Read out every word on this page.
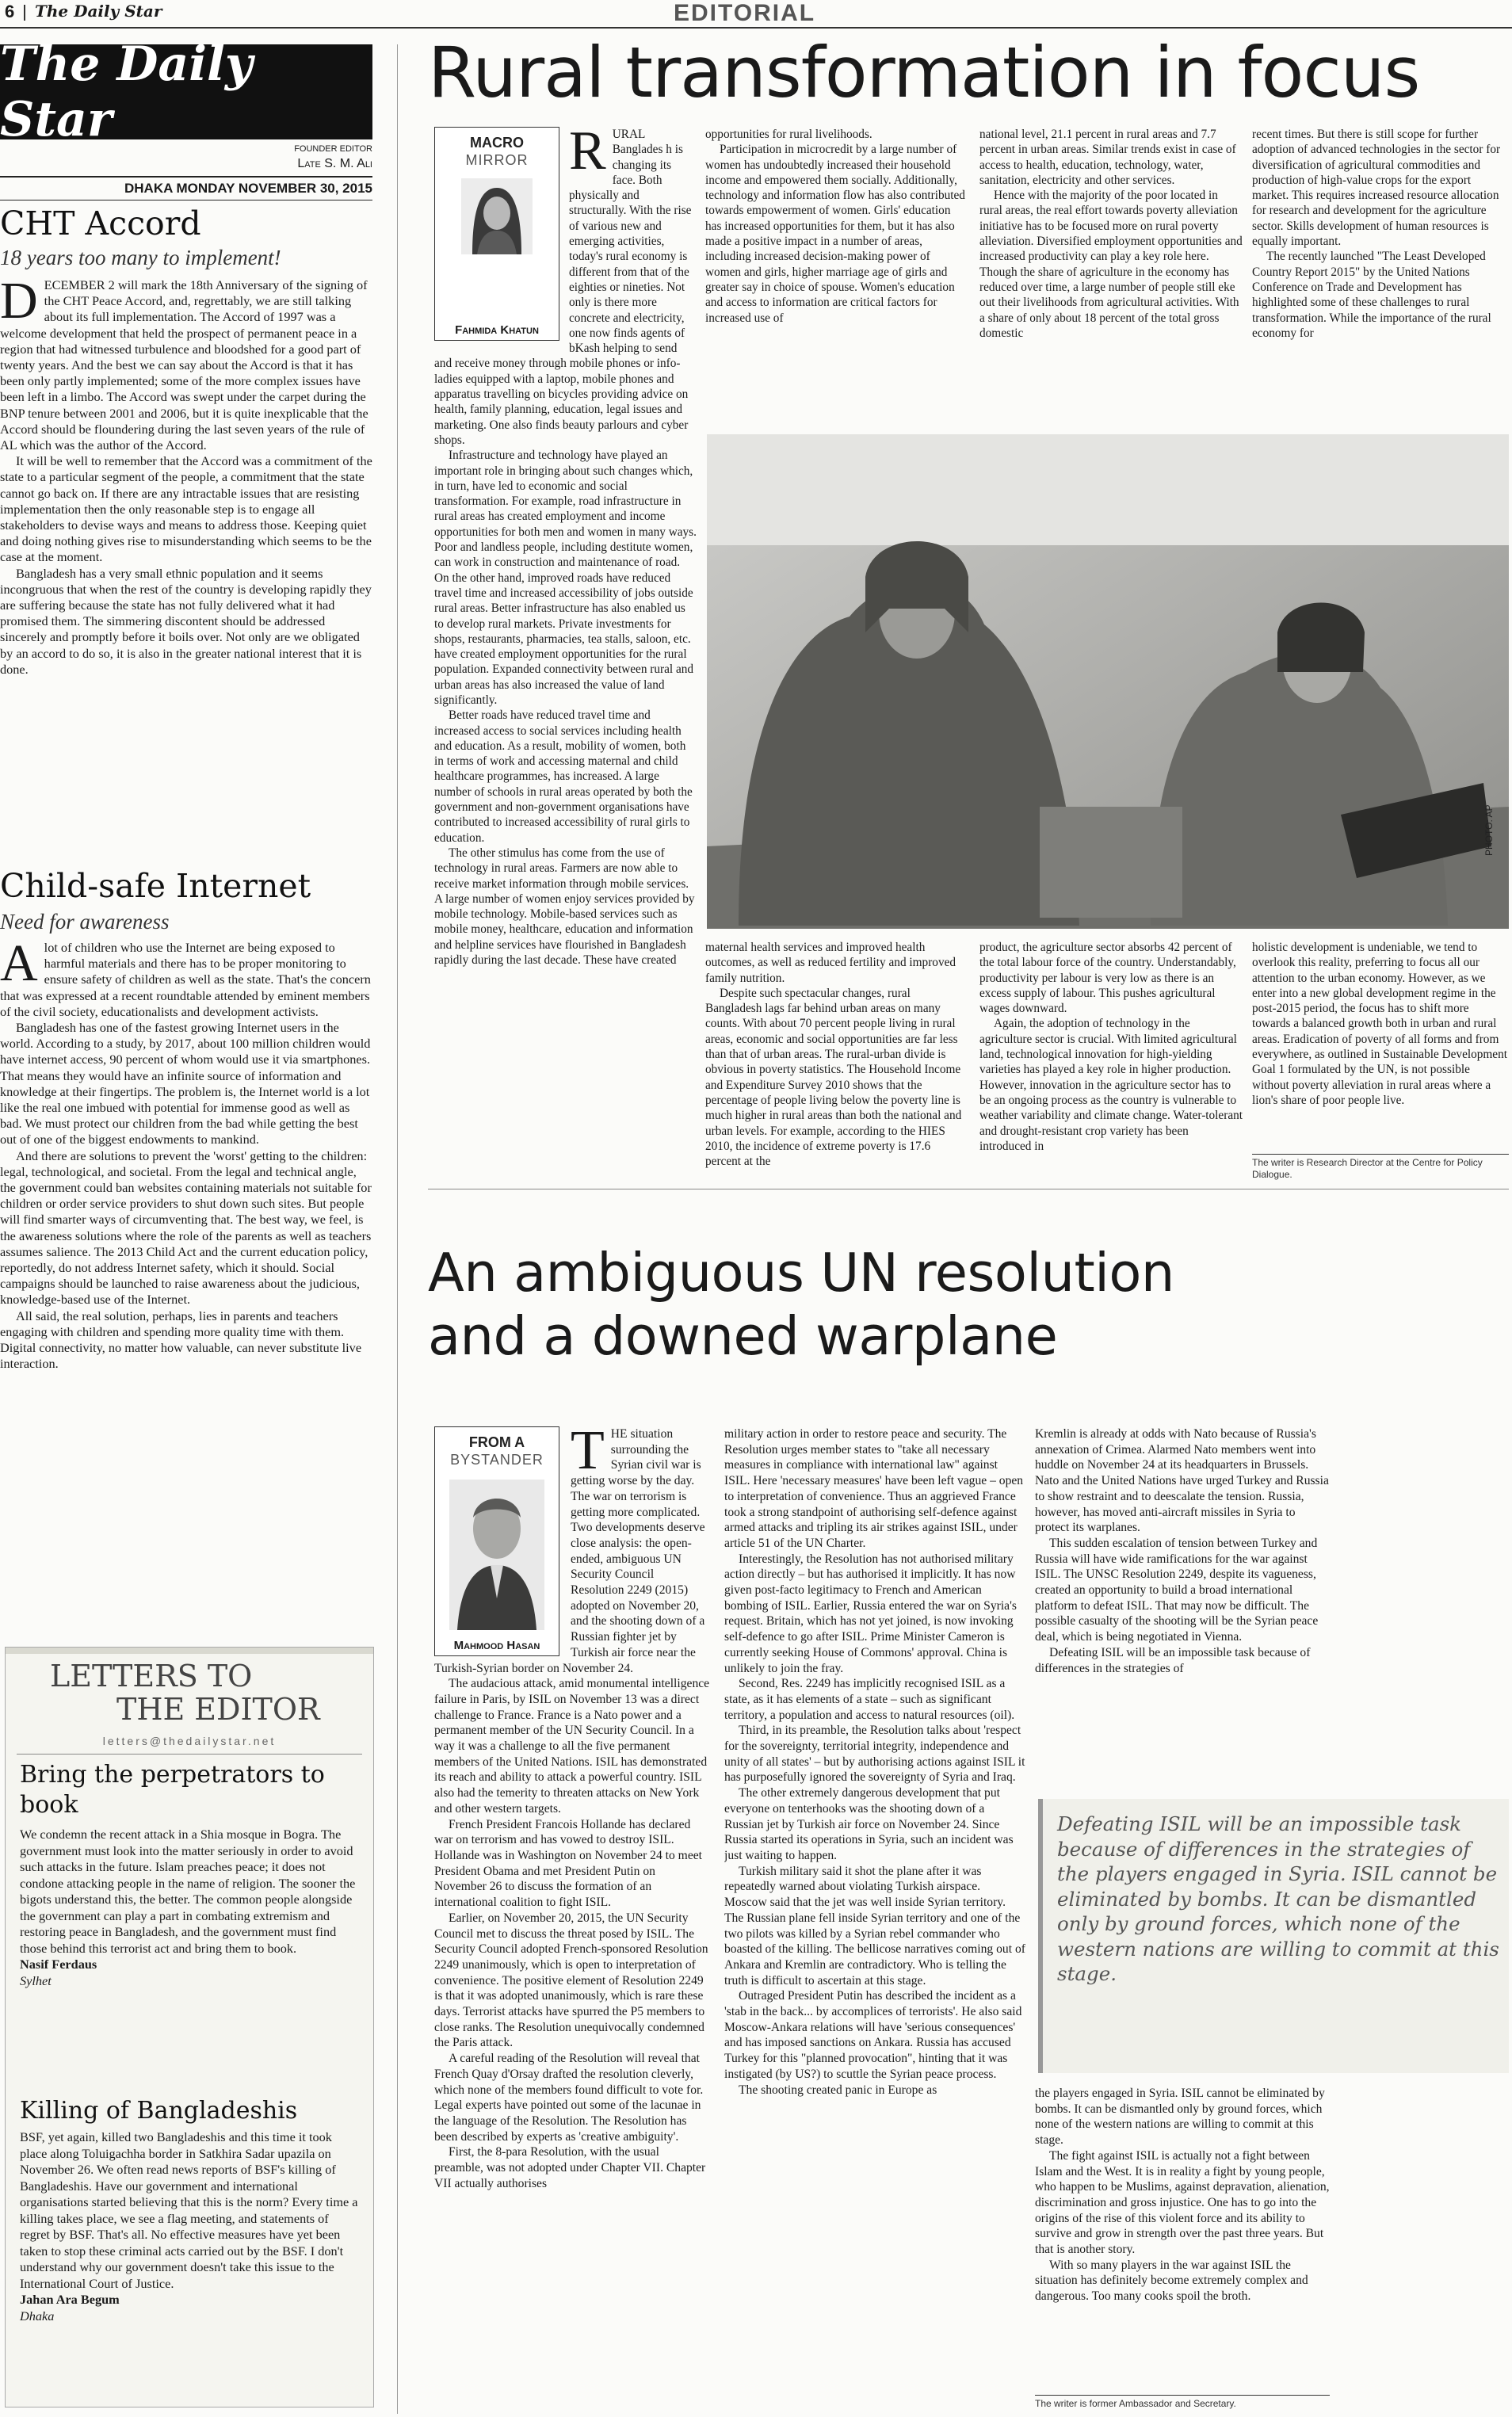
6 The Daily Star	EDITORIAL
The Daily Star
FOUNDER EDITOR
Late S. M. Ali
DHAKA MONDAY NOVEMBER 30, 2015
CHT Accord
18 years too many to implement!

DECEMBER 2 will mark the 18th Anniversary of the signing of the CHT Peace Accord, and, regrettably, we are still talking about its full implementation. The Accord of 1997 was a welcome development that held the prospect of permanent peace in a region that had witnessed turbulence and bloodshed for a good part of twenty years. And the best we can say about the Accord is that it has been only partly implemented; some of the more complex issues have been left in a limbo. The Accord was swept under the carpet during the BNP tenure between 2001 and 2006, but it is quite inexplicable that the Accord should be floundering during the last seven years of the rule of AL which was the author of the Accord.

It will be well to remember that the Accord was a commitment of the state to a particular segment of the people, a commitment that the state cannot go back on. If there are any intractable issues that are resisting implementation then the only reasonable step is to engage all stakeholders to devise ways and means to address those. Keeping quiet and doing nothing gives rise to misunderstanding which seems to be the case at the moment.

Bangladesh has a very small ethnic population and it seems incongruous that when the rest of the country is developing rapidly they are suffering because the state has not fully delivered what it had promised them. The simmering discontent should be addressed sincerely and promptly before it boils over. Not only are we obligated by an accord to do so, it is also in the greater national interest that it is done.

Child-safe Internet
Need for awareness

Alot of children who use the Internet are being exposed to harmful materials and there has to be proper monitoring to ensure safety of children as well as the state. That's the concern that was expressed at a recent roundtable attended by eminent members of the civil society, educationalists and development activists.

Bangladesh has one of the fastest growing Internet users in the world. According to a study, by 2017, about 100 million children would have internet access, 90 percent of whom would use it via smartphones. That means they would have an infinite source of information and knowledge at their fingertips. The problem is, the Internet world is a lot like the real one imbued with potential for immense good as well as bad. We must protect our children from the bad while getting the best out of one of the biggest endowments to mankind.

And there are solutions to prevent the 'worst' getting to the children: legal, technological, and societal. From the legal and technical angle, the government could ban websites containing materials not suitable for children or order service providers to shut down such sites. But people will find smarter ways of circumventing that. The best way, we feel, is the awareness solutions where the role of the parents as well as teachers assumes salience. The 2013 Child Act and the current education policy, reportedly, do not address Internet safety, which it should. Social campaigns should be launched to raise awareness about the judicious, knowledge-based use of the Internet.

All said, the real solution, perhaps, lies in parents and teachers engaging with children and spending more quality time with them. Digital connectivity, no matter how valuable, can never substitute live interaction.

LETTERS TO
THE EDITOR
letters@thedailystar.net
Bring the perpetrators to book
We condemn the recent attack in a Shia mosque in Bogra. The government must look into the matter seriously in order to avoid such attacks in the future. Islam preaches peace; it does not condone attacking people in the name of religion. The sooner the bigots understand this, the better. The common people alongside the government can play a part in combating extremism and restoring peace in Bangladesh, and the government must find those behind this terrorist act and bring them to book.
Nasif Ferdaus
Sylhet
Killing of Bangladeshis
BSF, yet again, killed two Bangladeshis and this time it took place along Toluigachha border in Satkhira Sadar upazila on November 26. We often read news reports of BSF's killing of Bangladeshis. Have our government and international organisations started believing that this is the norm? Every time a killing takes place, we see a flag meeting, and statements of regret by BSF. That's all. No effective measures have yet been taken to stop these criminal acts carried out by the BSF. I don't understand why our government doesn't take this issue to the International Court of Justice.
Jahan Ara Begum
Dhaka
Rural transformation in focus
MACRO
MIRROR
Fahmida Khatun

RURAL Banglades h is changing its face. Both physically and structurally. With the rise of various new and emerging activities, today's rural economy is different from that of the eighties or nineties. Not only is there more concrete and electricity, one now finds agents of bKash helping to send and receive money through mobile phones or info-ladies equipped with a laptop, mobile phones and apparatus travelling on bicycles providing advice on health, family planning, education, legal issues and marketing. One also finds beauty parlours and cyber shops.

Infrastructure and technology have played an important role in bringing about such changes which, in turn, have led to economic and social transformation. For example, road infrastructure in rural areas has created employment and income opportunities for both men and women in many ways. Poor and landless people, including destitute women, can work in construction and maintenance of road. On the other hand, improved roads have reduced travel time and increased accessibility of jobs outside rural areas. Better infrastructure has also enabled us to develop rural markets. Private investments for shops, restaurants, pharmacies, tea stalls, saloon, etc. have created employment opportunities for the rural population. Expanded connectivity between rural and urban areas has also increased the value of land significantly.

Better roads have reduced travel time and increased access to social services including health and education. As a result, mobility of women, both in terms of work and accessing maternal and child healthcare programmes, has increased. A large number of schools in rural areas operated by both the government and non-government organisations have contributed to increased accessibility of rural girls to education.

The other stimulus has come from the use of technology in rural areas. Farmers are now able to receive market information through mobile services. A large number of women enjoy services provided by mobile technology. Mobile-based services such as mobile money, healthcare, education and information and helpline services have flourished in Bangladesh rapidly during the last decade. These have created

opportunities for rural livelihoods.

Participation in microcredit by a large number of women has undoubtedly increased their household income and empowered them socially. Additionally, technology and information flow has also contributed towards empowerment of women. Girls' education has increased opportunities for them, but it has also made a positive impact in a number of areas, including increased decision-making power of women and girls, higher marriage age of girls and greater say in choice of spouse. Women's education and access to information are critical factors for increased use of

national level, 21.1 percent in rural areas and 7.7 percent in urban areas. Similar trends exist in case of access to health, education, technology, water, sanitation, electricity and other services.

Hence with the majority of the poor located in rural areas, the real effort towards poverty alleviation initiative has to be focused more on rural poverty alleviation. Diversified employment opportunities and increased productivity can play a key role here. Though the share of agriculture in the economy has reduced over time, a large number of people still eke out their livelihoods from agricultural activities. With a share of only about 18 percent of the total gross domestic

recent times. But there is still scope for further adoption of advanced technologies in the sector for diversification of agricultural commodities and production of high-value crops for the export market. This requires increased resource allocation for research and development for the agriculture sector. Skills development of human resources is equally important.

The recently launched "The Least Developed Country Report 2015" by the United Nations Conference on Trade and Development has highlighted some of these challenges to rural transformation. While the importance of the rural economy for

PHOTO: AP

maternal health services and improved health outcomes, as well as reduced fertility and improved family nutrition.

Despite such spectacular changes, rural Bangladesh lags far behind urban areas on many counts. With about 70 percent people living in rural areas, economic and social opportunities are far less than that of urban areas. The rural-urban divide is obvious in poverty statistics. The Household Income and Expenditure Survey 2010 shows that the percentage of people living below the poverty line is much higher in rural areas than both the national and urban levels. For example, according to the HIES 2010, the incidence of extreme poverty is 17.6 percent at the

product, the agriculture sector absorbs 42 percent of the total labour force of the country. Understandably, productivity per labour is very low as there is an excess supply of labour. This pushes agricultural wages downward.

Again, the adoption of technology in the agriculture sector is crucial. With limited agricultural land, technological innovation for high-yielding varieties has played a key role in higher production. However, innovation in the agriculture sector has to be an ongoing process as the country is vulnerable to weather variability and climate change. Water-tolerant and drought-resistant crop variety has been introduced in

holistic development is undeniable, we tend to overlook this reality, preferring to focus all our attention to the urban economy. However, as we enter into a new global development regime in the post-2015 period, the focus has to shift more towards a balanced growth both in urban and rural areas. Eradication of poverty of all forms and from everywhere, as outlined in Sustainable Development Goal 1 formulated by the UN, is not possible without poverty alleviation in rural areas where a lion's share of poor people live.

The writer is Research Director at the Centre for Policy Dialogue.
An ambiguous UN resolution
and a downed warplane
FROM A
BYSTANDER
Mahmood Hasan

THE situation surrounding the Syrian civil war is getting worse by the day. The war on terrorism is getting more complicated. Two developments deserve close analysis: the open-ended, ambiguous UN Security Council Resolution 2249 (2015) adopted on November 20, and the shooting down of a Russian fighter jet by Turkish air force near the Turkish-Syrian border on November 24.

The audacious attack, amid monumental intelligence failure in Paris, by ISIL on November 13 was a direct challenge to France. France is a Nato power and a permanent member of the UN Security Council. In a way it was a challenge to all the five permanent members of the United Nations. ISIL has demonstrated its reach and ability to attack a powerful country. ISIL also had the temerity to threaten attacks on New York and other western targets.

French President Francois Hollande has declared war on terrorism and has vowed to destroy ISIL. Hollande was in Washington on November 24 to meet President Obama and met President Putin on November 26 to discuss the formation of an international coalition to fight ISIL.

Earlier, on November 20, 2015, the UN Security Council met to discuss the threat posed by ISIL. The Security Council adopted French-sponsored Resolution 2249 unanimously, which is open to interpretation of convenience. The positive element of Resolution 2249 is that it was adopted unanimously, which is rare these days. Terrorist attacks have spurred the P5 members to close ranks. The Resolution unequivocally condemned the Paris attack.

A careful reading of the Resolution will reveal that French Quay d'Orsay drafted the resolution cleverly, which none of the members found difficult to vote for. Legal experts have pointed out some of the lacunae in the language of the Resolution. The Resolution has been described by experts as 'creative ambiguity'.

First, the 8-para Resolution, with the usual preamble, was not adopted under Chapter VII. Chapter VII actually authorises

military action in order to restore peace and security. The Resolution urges member states to "take all necessary measures in compliance with international law" against ISIL. Here 'necessary measures' have been left vague – open to interpretation of convenience. Thus an aggrieved France took a strong standpoint of authorising self-defence against armed attacks and tripling its air strikes against ISIL, under article 51 of the UN Charter.

Interestingly, the Resolution has not authorised military action directly – but has authorised it implicitly. It has now given post-facto legitimacy to French and American bombing of ISIL. Earlier, Russia entered the war on Syria's request. Britain, which has not yet joined, is now invoking self-defence to go after ISIL. Prime Minister Cameron is currently seeking House of Commons' approval. China is unlikely to join the fray.

Second, Res. 2249 has implicitly recognised ISIL as a state, as it has elements of a state – such as significant territory, a population and access to natural resources (oil).

Third, in its preamble, the Resolution talks about 'respect for the sovereignty, territorial integrity, independence and unity of all states' – but by authorising actions against ISIL it has purposefully ignored the sovereignty of Syria and Iraq.

The other extremely dangerous development that put everyone on tenterhooks was the shooting down of a Russian jet by Turkish air force on November 24. Since Russia started its operations in Syria, such an incident was just waiting to happen.

Turkish military said it shot the plane after it was repeatedly warned about violating Turkish airspace. Moscow said that the jet was well inside Syrian territory. The Russian plane fell inside Syrian territory and one of the two pilots was killed by a Syrian rebel commander who boasted of the killing. The bellicose narratives coming out of Ankara and Kremlin are contradictory. Who is telling the truth is difficult to ascertain at this stage.

Outraged President Putin has described the incident as a 'stab in the back... by accomplices of terrorists'. He also said Moscow-Ankara relations will have 'serious consequences' and has imposed sanctions on Ankara. Russia has accused Turkey for this "planned provocation", hinting that it was instigated (by US?) to scuttle the Syrian peace process.

The shooting created panic in Europe as

Kremlin is already at odds with Nato because of Russia's annexation of Crimea. Alarmed Nato members went into huddle on November 24 at its headquarters in Brussels. Nato and the United Nations have urged Turkey and Russia to show restraint and to deescalate the tension. Russia, however, has moved anti-aircraft missiles in Syria to protect its warplanes.

This sudden escalation of tension between Turkey and Russia will have wide ramifications for the war against ISIL. The UNSC Resolution 2249, despite its vagueness, created an opportunity to build a broad international platform to defeat ISIL. That may now be difficult. The possible casualty of the shooting will be the Syrian peace deal, which is being negotiated in Vienna.

Defeating ISIL will be an impossible task because of differences in the strategies of

Defeating ISIL will be an impossible task because of differences in the strategies of the players engaged in Syria. ISIL cannot be eliminated by bombs. It can be dismantled only by ground forces, which none of the western nations are willing to commit at this stage.

the players engaged in Syria. ISIL cannot be eliminated by bombs. It can be dismantled only by ground forces, which none of the western nations are willing to commit at this stage.

The fight against ISIL is actually not a fight between Islam and the West. It is in reality a fight by young people, who happen to be Muslims, against depravation, alienation, discrimination and gross injustice. One has to go into the origins of the rise of this violent force and its ability to survive and grow in strength over the past three years. But that is another story.

With so many players in the war against ISIL the situation has definitely become extremely complex and dangerous. Too many cooks spoil the broth.

The writer is former Ambassador and Secretary.
